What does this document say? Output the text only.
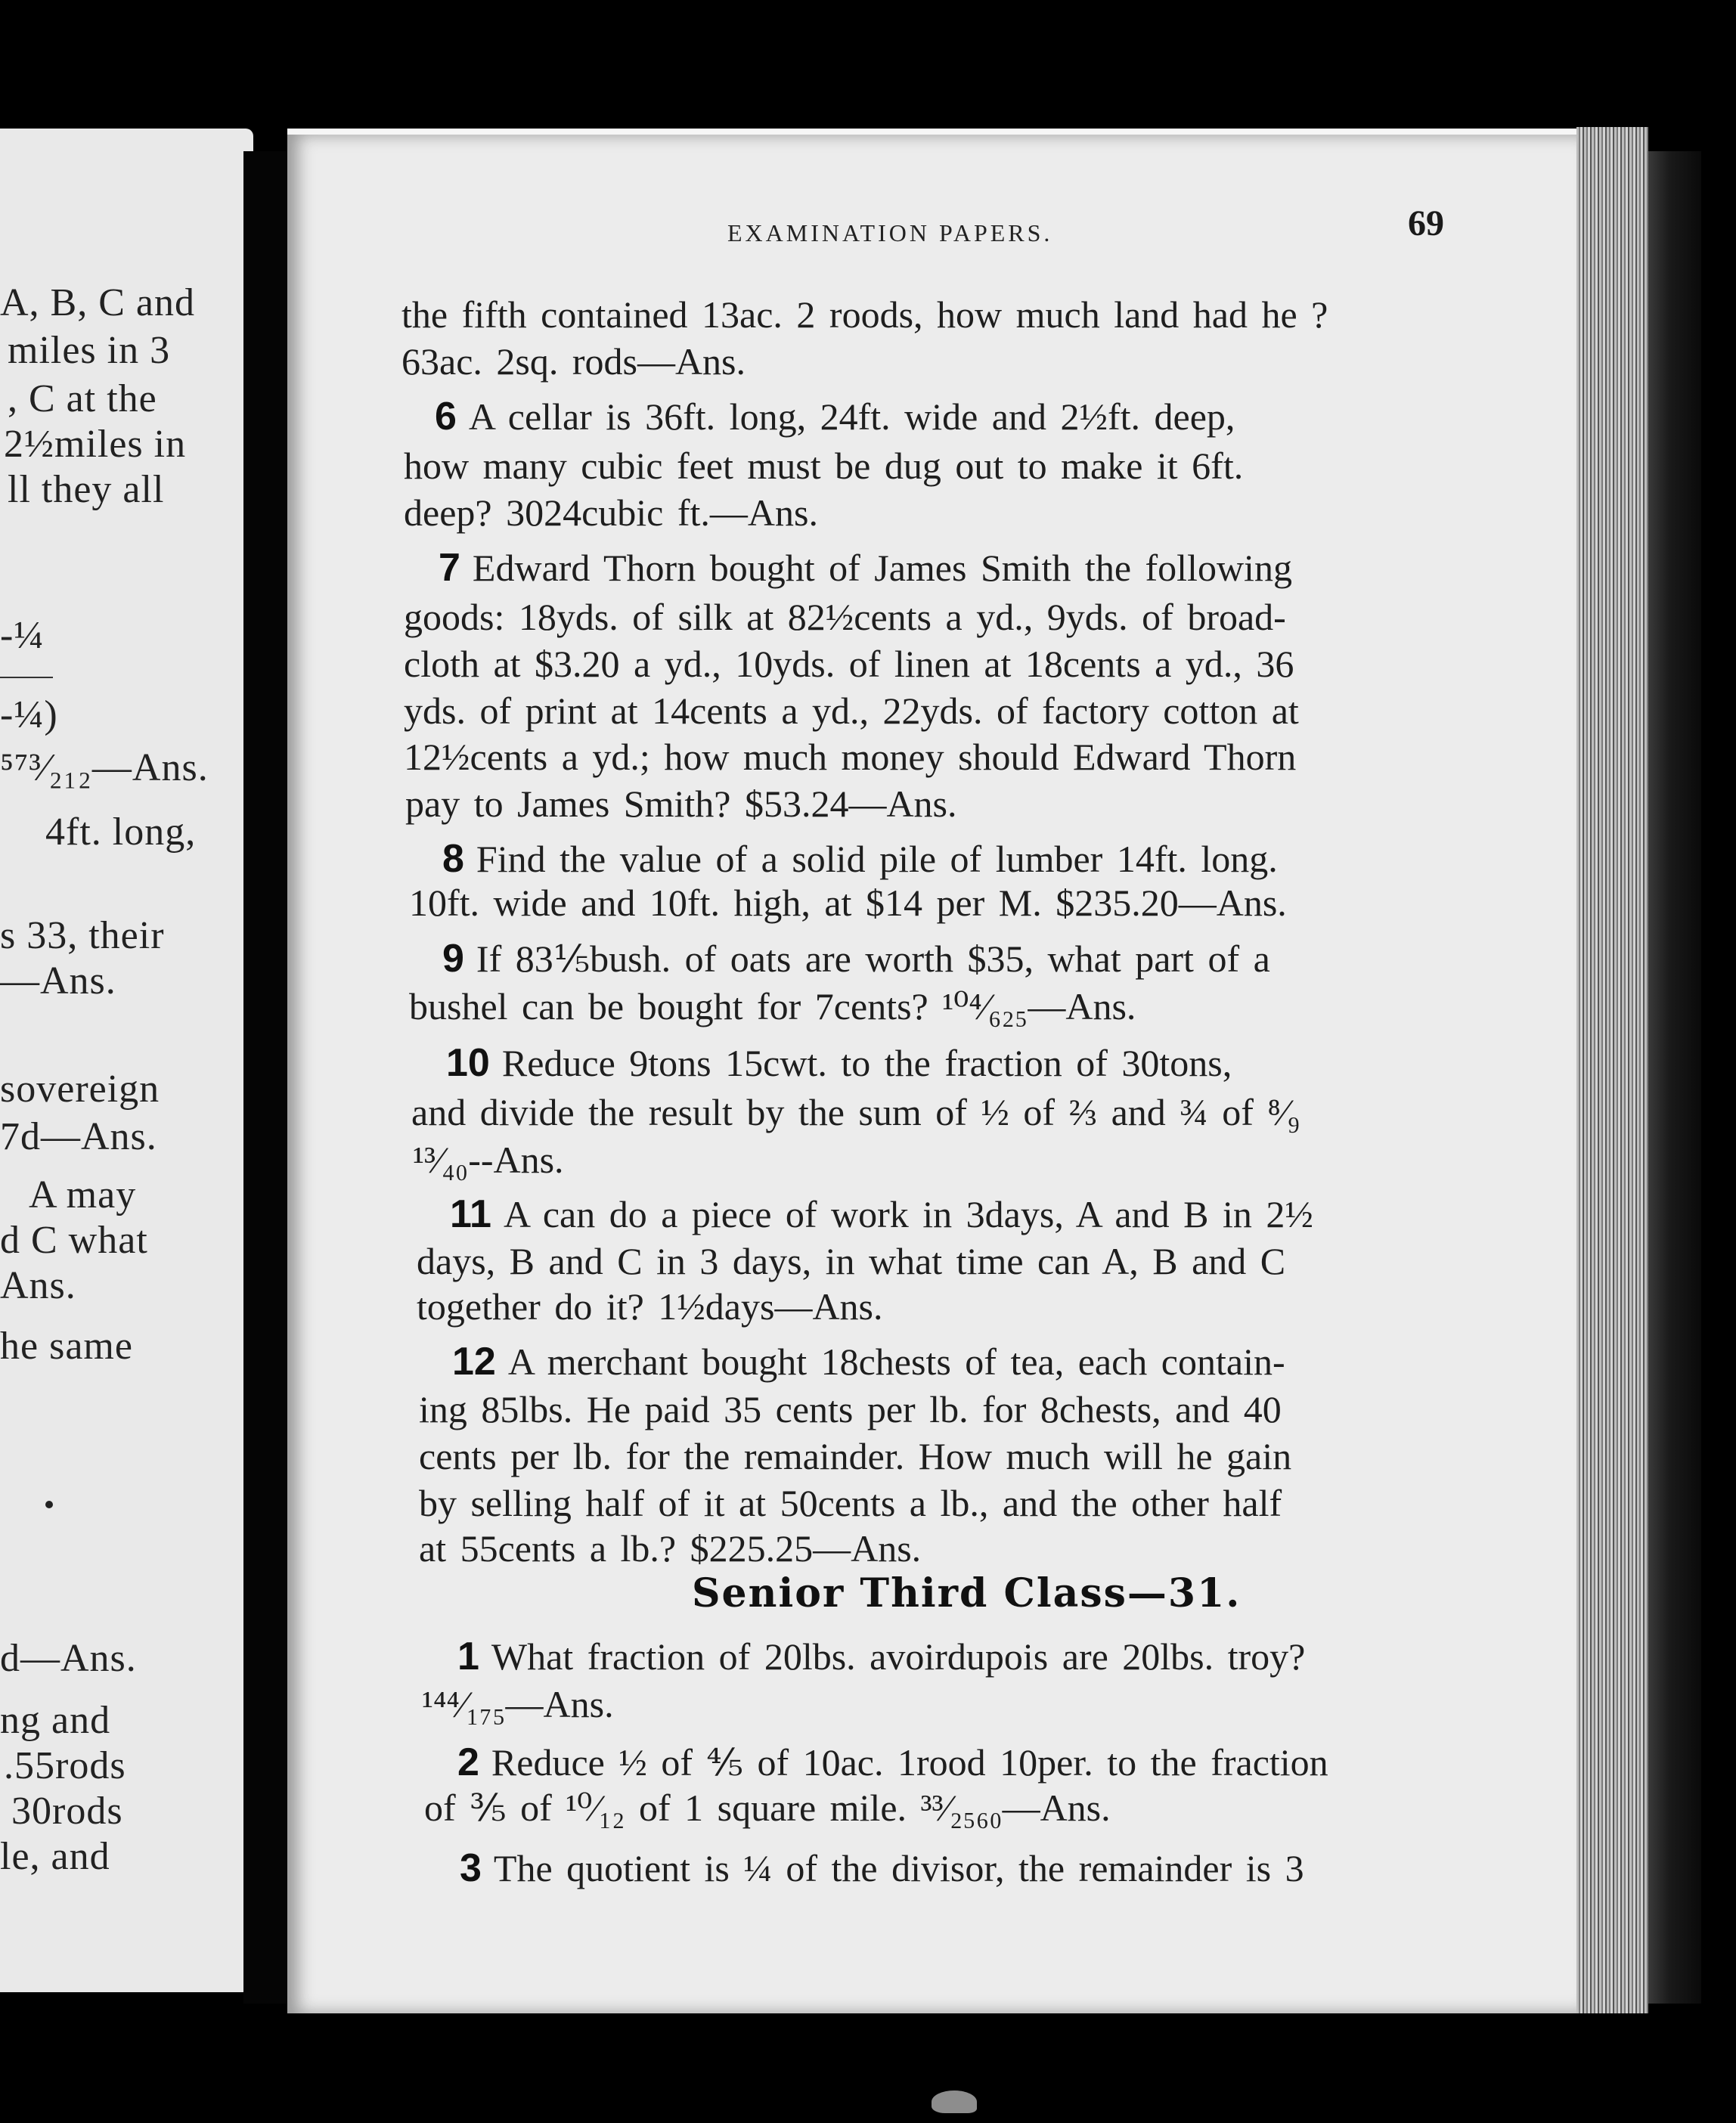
A, B, C and
miles in 3
, C at the
2½miles in
ll they all
-¼
-¼)
⁵⁷³⁄₂₁₂—Ans.
4ft. long,
s 33, their
—Ans.
sovereign
7d—Ans.
A may
d C what
Ans.
he same
d—Ans.
ng and
.55rods
30rods
le, and
EXAMINATION PAPERS.	69
the fifth contained 13ac. 2 roods, how much land had he ?
63ac. 2sq. rods—Ans.
6 A cellar is 36ft. long, 24ft. wide and 2½ft. deep,
how many cubic feet must be dug out to make it 6ft.
deep? 3024cubic ft.—Ans.
7 Edward Thorn bought of James Smith the following
goods: 18yds. of silk at 82½cents a yd., 9yds. of broad-
cloth at $3.20 a yd., 10yds. of linen at 18cents a yd., 36
yds. of print at 14cents a yd., 22yds. of factory cotton at
12½cents a yd.; how much money should Edward Thorn
pay to James Smith? $53.24—Ans.
8 Find the value of a solid pile of lumber 14ft. long.
10ft. wide and 10ft. high, at $14 per M. $235.20—Ans.
9 If 83⅕bush. of oats are worth $35, what part of a
bushel can be bought for 7cents? ¹⁰⁴⁄₆₂₅—Ans.
10 Reduce 9tons 15cwt. to the fraction of 30tons,
and divide the result by the sum of ½ of ⅔ and ¾ of ⁸⁄₉
¹³⁄₄₀--Ans.
11 A can do a piece of work in 3days, A and B in 2½
days, B and C in 3 days, in what time can A, B and C
together do it? 1½days—Ans.
12 A merchant bought 18chests of tea, each contain-
ing 85lbs. He paid 35 cents per lb. for 8chests, and 40
cents per lb. for the remainder. How much will he gain
by selling half of it at 50cents a lb., and the other half
at 55cents a lb.? $225.25—Ans.
Senior Third Class—31.
1 What fraction of 20lbs. avoirdupois are 20lbs. troy?
¹⁴⁴⁄₁₇₅—Ans.
2 Reduce ½ of ⅘ of 10ac. 1rood 10per. to the fraction
of ⅗ of ¹⁰⁄₁₂ of 1 square mile. ³³⁄₂₅₆₀—Ans.
3 The quotient is ¼ of the divisor, the remainder is 3
